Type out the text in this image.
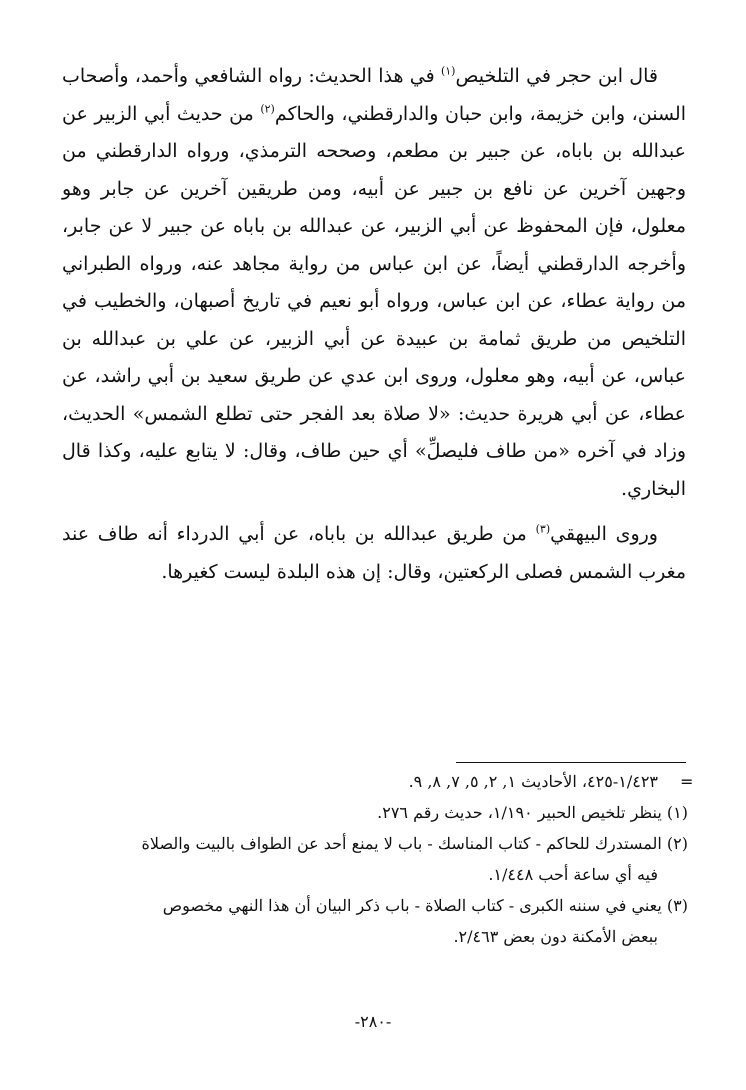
قال ابن حجر في التلخيص$^{(١)}$ في هذا الحديث: رواه الشافعي وأحمد، وأصحاب السنن، وابن خزيمة، وابن حبان والدارقطني، والحاكم$^{(٢)}$ من حديث أبي الزبير عن عبدالله بن باباه، عن جبير بن مطعم، وصححه الترمذي، ورواه الدارقطني من وجهين آخرين عن نافع بن جبير عن أبيه، ومن طريقين آخرين عن جابر وهو معلول، فإن المحفوظ عن أبي الزبير، عن عبدالله بن باباه عن جبير لا عن جابر، وأخرجه الدارقطني أيضاً، عن ابن عباس من رواية مجاهد عنه، ورواه الطبراني من رواية عطاء، عن ابن عباس، ورواه أبو نعيم في تاريخ أصبهان، والخطيب في التلخيص من طريق ثمامة بن عبيدة عن أبي الزبير، عن علي بن عبدالله بن عباس، عن أبيه، وهو معلول، وروى ابن عدي عن طريق سعيد بن أبي راشد، عن عطاء، عن أبي هريرة حديث: «لا صلاة بعد الفجر حتى تطلع الشمس» الحديث، وزاد في آخره «من طاف فليصلِّ» أي حين طاف، وقال: لا يتابع عليه، وكذا قال البخاري.

وروى البيهقي$^{(٣)}$ من طريق عبدالله بن باباه، عن أبي الدرداء أنه طاف عند مغرب الشمس فصلى الركعتين، وقال: إن هذه البلدة ليست كغيرها.

=

١/٤٢٣-٤٢٥، الأحاديث ١, ٢, ٥, ٧, ٨, ٩.

(١) ينظر تلخيص الحبير ١/١٩٠، حديث رقم ٢٧٦.

(٢) المستدرك للحاكم - كتاب المناسك - باب لا يمنع أحد عن الطواف بالبيت والصلاة

فيه أي ساعة أحب ١/٤٤٨.

(٣) يعني في سننه الكبرى - كتاب الصلاة - باب ذكر البيان أن هذا النهي مخصوص

ببعض الأمكنة دون بعض ٢/٤٦٣.

-٢٨٠-
